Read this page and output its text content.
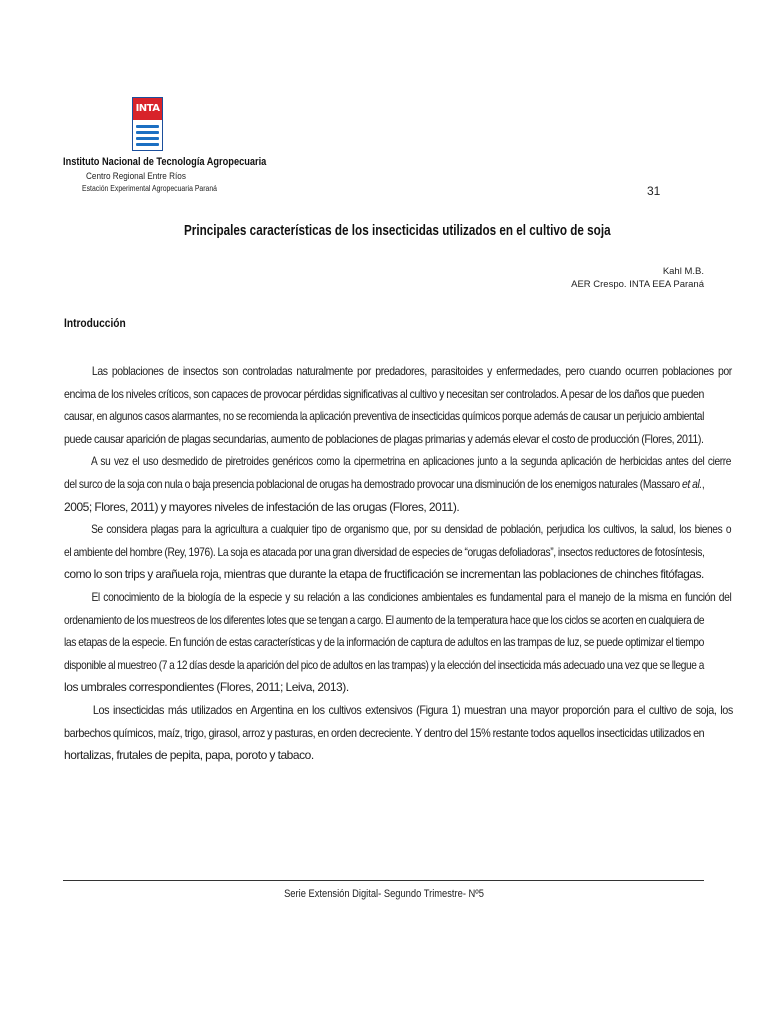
INTA
Instituto Nacional de Tecnología Agropecuaria
Centro Regional Entre Ríos
Estación Experimental Agropecuaria Paraná	31
Principales características de los insecticidas utilizados en el cultivo de soja
Kahl M.B.
AER Crespo. INTA EEA Paraná
Introducción

Las poblaciones de insectos son controladas naturalmente por predadores, parasitoides y enfermedades, pero cuando ocurren poblaciones por
encima de los niveles críticos, son capaces de provocar pérdidas significativas al cultivo y necesitan ser controlados. A pesar de los daños que pueden
causar, en algunos casos alarmantes, no se recomienda la aplicación preventiva de insecticidas químicos porque además de causar un perjuicio ambiental
puede causar aparición de plagas secundarias, aumento de poblaciones de plagas primarias y además elevar el costo de producción (Flores, 2011).

A su vez el uso desmedido de piretroides genéricos como la cipermetrina en aplicaciones junto a la segunda aplicación de herbicidas antes del cierre
del surco de la soja con nula o baja presencia poblacional de orugas ha demostrado provocar una disminución de los enemigos naturales (Massaro et al.,
2005; Flores, 2011) y mayores niveles de infestación de las orugas (Flores, 2011).

Se considera plagas para la agricultura a cualquier tipo de organismo que, por su densidad de población, perjudica los cultivos, la salud, los bienes o
el ambiente del hombre (Rey, 1976). La soja es atacada por una gran diversidad de especies de “orugas defoliadoras”, insectos reductores de fotosíntesis,
como lo son trips y arañuela roja, mientras que durante la etapa de fructificación se incrementan las poblaciones de chinches fitófagas.

El conocimiento de la biología de la especie y su relación a las condiciones ambientales es fundamental para el manejo de la misma en función del
ordenamiento de los muestreos de los diferentes lotes que se tengan a cargo. El aumento de la temperatura hace que los ciclos se acorten en cualquiera de
las etapas de la especie. En función de estas características y de la información de captura de adultos en las trampas de luz, se puede optimizar el tiempo
disponible al muestreo (7 a 12 días desde la aparición del pico de adultos en las trampas) y la elección del insecticida más adecuado una vez que se llegue a
los umbrales correspondientes (Flores, 2011; Leiva, 2013).

Los insecticidas más utilizados en Argentina en los cultivos extensivos (Figura 1) muestran una mayor proporción para el cultivo de soja, los
barbechos químicos, maíz, trigo, girasol, arroz y pasturas, en orden decreciente. Y dentro del 15% restante todos aquellos insecticidas utilizados en
hortalizas, frutales de pepita, papa, poroto y tabaco.

Serie Extensión Digital- Segundo Trimestre- Nº5
